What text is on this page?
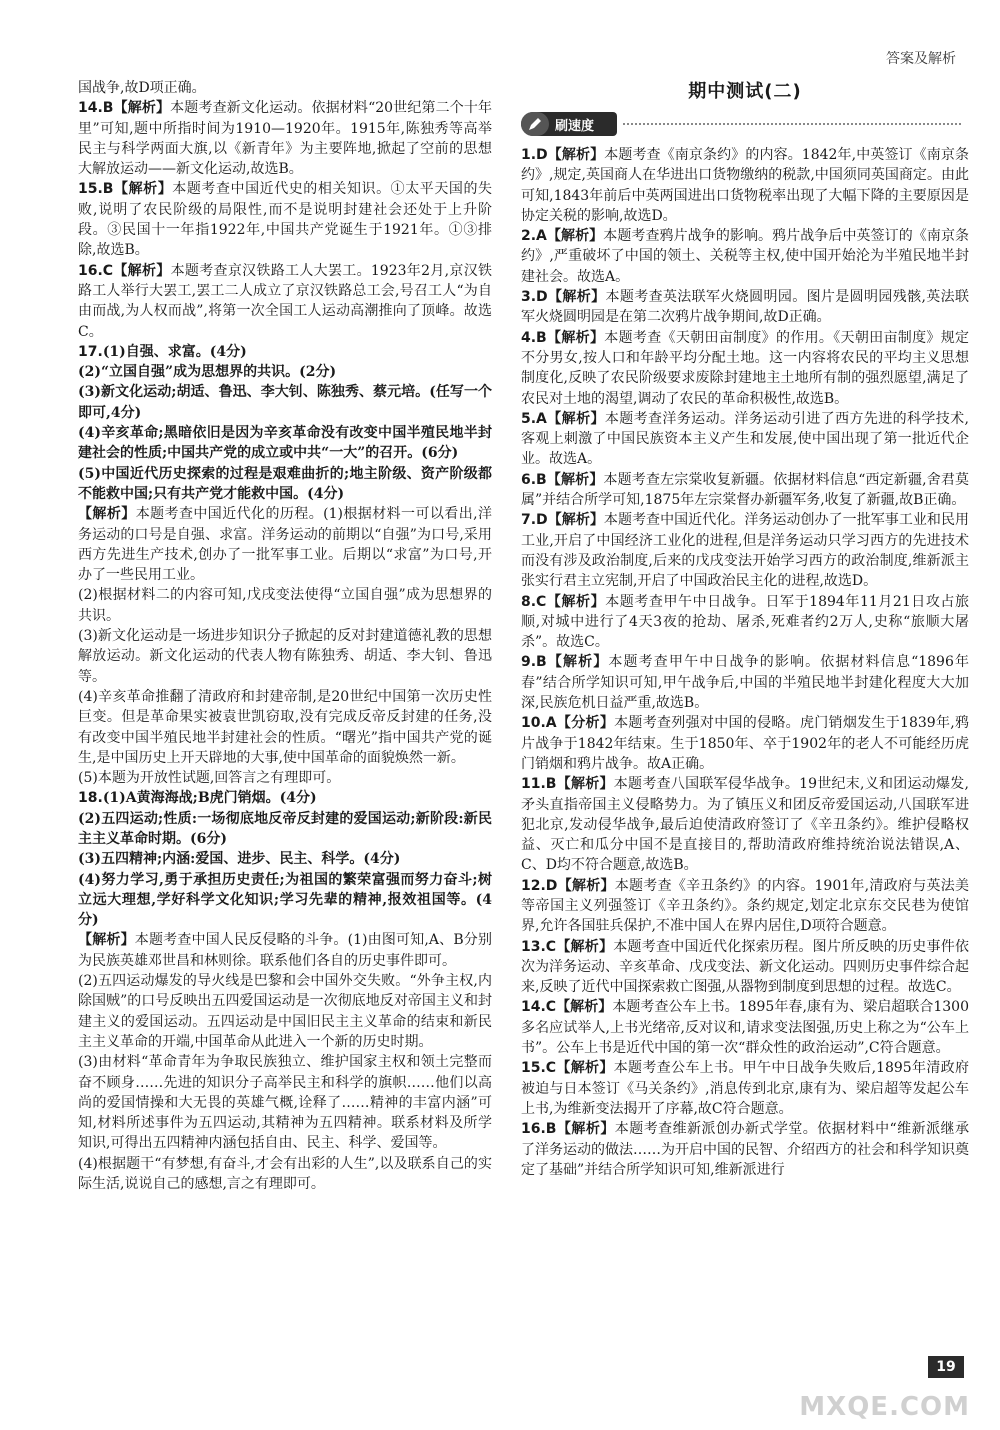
答案及解析

国战争,故D项正确。

14.B【解析】本题考查新文化运动。依据材料“20世纪第二个十年里”可知,题中所指时间为1910—1920年。1915年,陈独秀等高举民主与科学两面大旗,以《新青年》为主要阵地,掀起了空前的思想大解放运动——新文化运动,故选B。

15.B【解析】本题考查中国近代史的相关知识。①太平天国的失败,说明了农民阶级的局限性,而不是说明封建社会还处于上升阶段。③民国十一年指1922年,中国共产党诞生于1921年。①③排除,故选B。

16.C【解析】本题考查京汉铁路工人大罢工。1923年2月,京汉铁路工人举行大罢工,罢工二人成立了京汉铁路总工会,号召工人“为自由而战,为人权而战”,将第一次全国工人运动高潮推向了顶峰。故选C。

17.(1)自强、求富。(4分)

(2)“立国自强”成为思想界的共识。(2分)

(3)新文化运动;胡适、鲁迅、李大钊、陈独秀、蔡元培。(任写一个即可,4分)

(4)辛亥革命;黑暗依旧是因为辛亥革命没有改变中国半殖民地半封建社会的性质;中国共产党的成立或中共“一大”的召开。(6分)

(5)中国近代历史探索的过程是艰难曲折的;地主阶级、资产阶级都不能救中国;只有共产党才能救中国。(4分)

【解析】本题考查中国近代化的历程。(1)根据材料一可以看出,洋务运动的口号是自强、求富。洋务运动的前期以“自强”为口号,采用西方先进生产技术,创办了一批军事工业。后期以“求富”为口号,开办了一些民用工业。

(2)根据材料二的内容可知,戊戌变法使得“立国自强”成为思想界的共识。

(3)新文化运动是一场进步知识分子掀起的反对封建道德礼教的思想解放运动。新文化运动的代表人物有陈独秀、胡适、李大钊、鲁迅等。

(4)辛亥革命推翻了清政府和封建帝制,是20世纪中国第一次历史性巨变。但是革命果实被袁世凯窃取,没有完成反帝反封建的任务,没有改变中国半殖民地半封建社会的性质。“曙光”指中国共产党的诞生,是中国历史上开天辟地的大事,使中国革命的面貌焕然一新。

(5)本题为开放性试题,回答言之有理即可。

18.(1)A黄海海战;B虎门销烟。(4分)

(2)五四运动;性质:一场彻底地反帝反封建的爱国运动;新阶段:新民主主义革命时期。(6分)

(3)五四精神;内涵:爱国、进步、民主、科学。(4分)

(4)努力学习,勇于承担历史责任;为祖国的繁荣富强而努力奋斗;树立远大理想,学好科学文化知识;学习先辈的精神,报效祖国等。(4分)

【解析】本题考查中国人民反侵略的斗争。(1)由图可知,A、B分别为民族英雄邓世昌和林则徐。联系他们各自的历史事件即可。

(2)五四运动爆发的导火线是巴黎和会中国外交失败。“外争主权,内除国贼”的口号反映出五四爱国运动是一次彻底地反对帝国主义和封建主义的爱国运动。五四运动是中国旧民主主义革命的结束和新民主主义革命的开端,中国革命从此进入一个新的历史时期。

(3)由材料“革命青年为争取民族独立、维护国家主权和领土完整而奋不顾身……先进的知识分子高举民主和科学的旗帜……他们以高尚的爱国情操和大无畏的英雄气概,诠释了……精神的丰富内涵”可知,材料所述事件为五四运动,其精神为五四精神。联系材料及所学知识,可得出五四精神内涵包括自由、民主、科学、爱国等。

(4)根据题干“有梦想,有奋斗,才会有出彩的人生”,以及联系自己的实际生活,说说自己的感想,言之有理即可。

期中测试(二)
刷速度

1.D【解析】本题考查《南京条约》的内容。1842年,中英签订《南京条约》,规定,英国商人在华进出口货物缴纳的税款,中国须同英国商定。由此可知,1843年前后中英两国进出口货物税率出现了大幅下降的主要原因是协定关税的影响,故选D。

2.A【解析】本题考查鸦片战争的影响。鸦片战争后中英签订的《南京条约》,严重破坏了中国的领土、关税等主权,使中国开始沦为半殖民地半封建社会。故选A。

3.D【解析】本题考查英法联军火烧圆明园。图片是圆明园残骸,英法联军火烧圆明园是在第二次鸦片战争期间,故D正确。

4.B【解析】本题考查《天朝田亩制度》的作用。《天朝田亩制度》规定不分男女,按人口和年龄平均分配土地。这一内容将农民的平均主义思想制度化,反映了农民阶级要求废除封建地主土地所有制的强烈愿望,满足了农民对土地的渴望,调动了农民的革命积极性,故选B。

5.A【解析】本题考查洋务运动。洋务运动引进了西方先进的科学技术,客观上刺激了中国民族资本主义产生和发展,使中国出现了第一批近代企业。故选A。

6.B【解析】本题考查左宗棠收复新疆。依据材料信息“西定新疆,舍君莫属”并结合所学可知,1875年左宗棠督办新疆军务,收复了新疆,故B正确。

7.D【解析】本题考查中国近代化。洋务运动创办了一批军事工业和民用工业,开启了中国经济工业化的进程,但是洋务运动只学习西方的先进技术而没有涉及政治制度,后来的戊戌变法开始学习西方的政治制度,维新派主张实行君主立宪制,开启了中国政治民主化的进程,故选D。

8.C【解析】本题考查甲午中日战争。日军于1894年11月21日攻占旅顺,对城中进行了4天3夜的抢劫、屠杀,死难者约2万人,史称“旅顺大屠杀”。故选C。

9.B【解析】本题考查甲午中日战争的影响。依据材料信息“1896年春”结合所学知识可知,甲午战争后,中国的半殖民地半封建化程度大大加深,民族危机日益严重,故选B。

10.A【分析】本题考查列强对中国的侵略。虎门销烟发生于1839年,鸦片战争于1842年结束。生于1850年、卒于1902年的老人不可能经历虎门销烟和鸦片战争。故A正确。

11.B【解析】本题考查八国联军侵华战争。19世纪末,义和团运动爆发,矛头直指帝国主义侵略势力。为了镇压义和团反帝爱国运动,八国联军进犯北京,发动侵华战争,最后迫使清政府签订了《辛丑条约》。维护侵略权益、灭亡和瓜分中国不是直接目的,帮助清政府维持统治说法错误,A、C、D均不符合题意,故选B。

12.D【解析】本题考查《辛丑条约》的内容。1901年,清政府与英法美等帝国主义列强签订《辛丑条约》。条约规定,划定北京东交民巷为使馆界,允许各国驻兵保护,不准中国人在界内居住,D项符合题意。

13.C【解析】本题考查中国近代化探索历程。图片所反映的历史事件依次为洋务运动、辛亥革命、戊戌变法、新文化运动。四则历史事件综合起来,反映了近代中国探索救亡图强,从器物到制度到思想的过程。故选C。

14.C【解析】本题考查公车上书。1895年春,康有为、梁启超联合1300多名应试举人,上书光绪帝,反对议和,请求变法图强,历史上称之为“公车上书”。公车上书是近代中国的第一次“群众性的政治运动”,C符合题意。

15.C【解析】本题考查公车上书。甲午中日战争失败后,1895年清政府被迫与日本签订《马关条约》,消息传到北京,康有为、梁启超等发起公车上书,为维新变法揭开了序幕,故C符合题意。

16.B【解析】本题考查维新派创办新式学堂。依据材料中“维新派继承了洋务运动的做法……为开启中国的民智、介绍西方的社会和科学知识奠定了基础”并结合所学知识可知,维新派进行

19
MXQE.COM
